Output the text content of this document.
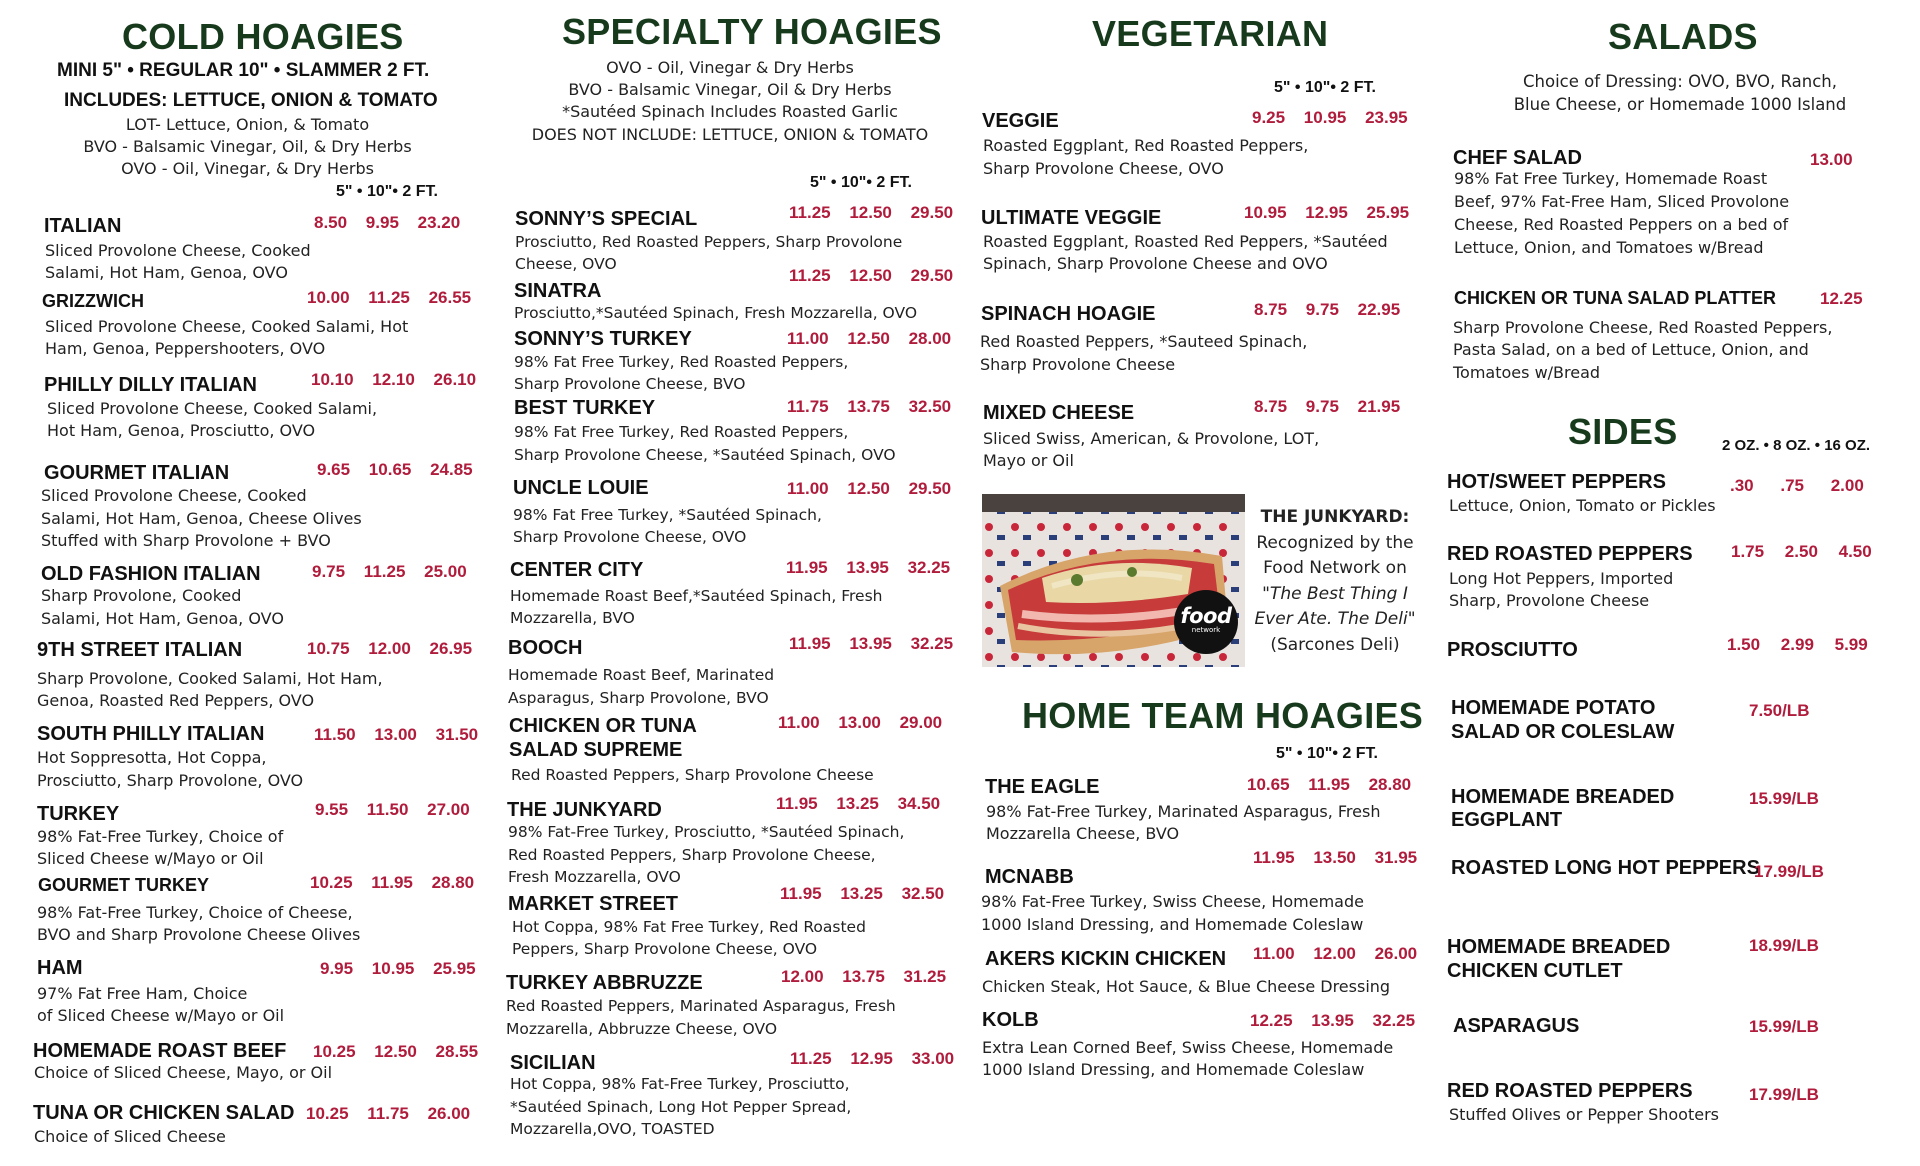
COLD HOAGIES
MINI 5" • REGULAR 10" • SLAMMER 2 FT.
INCLUDES: LETTUCE, ONION & TOMATO
LOT- Lettuce, Onion, & Tomato
BVO - Balsamic Vinegar, Oil, & Dry Herbs
OVO - Oil, Vinegar, & Dry Herbs
5" • 10"• 2 FT.
ITALIAN	8.50 9.95 23.20
Sliced Provolone Cheese, Cooked
Salami, Hot Ham, Genoa, OVO
GRIZZWICH	10.00 11.25 26.55
Sliced Provolone Cheese, Cooked Salami, Hot
Ham, Genoa, Peppershooters, OVO
PHILLY DILLY ITALIAN	10.10 12.10 26.10
Sliced Provolone Cheese, Cooked Salami,
Hot Ham, Genoa, Prosciutto, OVO
GOURMET ITALIAN	9.65 10.65 24.85
Sliced Provolone Cheese, Cooked
Salami, Hot Ham, Genoa, Cheese Olives
Stuffed with Sharp Provolone + BVO
OLD FASHION ITALIAN	9.75 11.25 25.00
Sharp Provolone, Cooked
Salami, Hot Ham, Genoa, OVO
9TH STREET ITALIAN	10.75 12.00 26.95
Sharp Provolone, Cooked Salami, Hot Ham,
Genoa, Roasted Red Peppers, OVO
SOUTH PHILLY ITALIAN	11.50 13.00 31.50
Hot Soppresotta, Hot Coppa,
Prosciutto, Sharp Provolone, OVO
TURKEY	9.55 11.50 27.00
98% Fat-Free Turkey, Choice of
Sliced Cheese w/Mayo or Oil
GOURMET TURKEY	10.25 11.95 28.80
98% Fat-Free Turkey, Choice of Cheese,
BVO and Sharp Provolone Cheese Olives
HAM	9.95 10.95 25.95
97% Fat Free Ham, Choice
of Sliced Cheese w/Mayo or Oil
HOMEMADE ROAST BEEF 10.25 12.50 28.55
Choice of Sliced Cheese, Mayo, or Oil
TUNA OR CHICKEN SALAD 10.25 11.75 26.00
Choice of Sliced Cheese
SPECIALTY HOAGIES
OVO - Oil, Vinegar & Dry Herbs
BVO - Balsamic Vinegar, Oil & Dry Herbs
*Sautéed Spinach Includes Roasted Garlic
DOES NOT INCLUDE: LETTUCE, ONION & TOMATO
5" • 10"• 2 FT.
SONNY’S SPECIAL	11.25 12.50 29.50
Prosciutto, Red Roasted Peppers, Sharp Provolone
Cheese, OVO
SINATRA
11.25 12.50 29.50
Prosciutto,*Sautéed Spinach, Fresh Mozzarella, OVO
SONNY’S TURKEY	11.00 12.50 28.00
98% Fat Free Turkey, Red Roasted Peppers,
Sharp Provolone Cheese, BVO
BEST TURKEY	11.75 13.75 32.50
98% Fat Free Turkey, Red Roasted Peppers,
Sharp Provolone Cheese, *Sautéed Spinach, OVO
UNCLE LOUIE	11.00 12.50 29.50
98% Fat Free Turkey, *Sautéed Spinach,
Sharp Provolone Cheese, OVO
CENTER CITY	11.95 13.95 32.25
Homemade Roast Beef,*Sautéed Spinach, Fresh
Mozzarella, BVO
BOOCH	11.95 13.95 32.25
Homemade Roast Beef, Marinated
Asparagus, Sharp Provolone, BVO
CHICKEN OR TUNA
SALAD SUPREME
11.00 13.00 29.00
Red Roasted Peppers, Sharp Provolone Cheese
THE JUNKYARD	11.95 13.25 34.50
98% Fat-Free Turkey, Prosciutto, *Sautéed Spinach,
Red Roasted Peppers, Sharp Provolone Cheese,
Fresh Mozzarella, OVO
MARKET STREET	11.95 13.25 32.50
Hot Coppa, 98% Fat Free Turkey, Red Roasted
Peppers, Sharp Provolone Cheese, OVO
TURKEY ABBRUZZE	12.00 13.75 31.25
Red Roasted Peppers, Marinated Asparagus, Fresh
Mozzarella, Abbruzze Cheese, OVO
SICILIAN	11.25 12.95 33.00
Hot Coppa, 98% Fat-Free Turkey, Prosciutto,
*Sautéed Spinach, Long Hot Pepper Spread,
Mozzarella,OVO, TOASTED
VEGETARIAN
5" • 10"• 2 FT.
VEGGIE	9.25 10.95 23.95
Roasted Eggplant, Red Roasted Peppers,
Sharp Provolone Cheese, OVO
ULTIMATE VEGGIE	10.95 12.95 25.95
Roasted Eggplant, Roasted Red Peppers, *Sautéed
Spinach, Sharp Provolone Cheese and OVO
SPINACH HOAGIE	8.75 9.75 22.95
Red Roasted Peppers, *Sauteed Spinach,
Sharp Provolone Cheese
MIXED CHEESE	8.75 9.75 21.95
Sliced Swiss, American, & Provolone, LOT,
Mayo or Oil
food
network
THE JUNKYARD:
Recognized by the
Food Network on
"The Best Thing I
Ever Ate. The Deli"
(Sarcones Deli)
HOME TEAM HOAGIES
5" • 10"• 2 FT.
THE EAGLE	10.65 11.95 28.80
98% Fat-Free Turkey, Marinated Asparagus, Fresh
Mozzarella Cheese, BVO
MCNABB
11.95 13.50 31.95
98% Fat-Free Turkey, Swiss Cheese, Homemade
1000 Island Dressing, and Homemade Coleslaw
AKERS KICKIN CHICKEN 11.00 12.00 26.00
Chicken Steak, Hot Sauce, & Blue Cheese Dressing
KOLB	12.25 13.95 32.25
Extra Lean Corned Beef, Swiss Cheese, Homemade
1000 Island Dressing, and Homemade Coleslaw
SALADS
Choice of Dressing: OVO, BVO, Ranch,
Blue Cheese, or Homemade 1000 Island
CHEF SALAD	13.00
98% Fat Free Turkey, Homemade Roast
Beef, 97% Fat-Free Ham, Sliced Provolone
Cheese, Red Roasted Peppers on a bed of
Lettuce, Onion, and Tomatoes w/Bread
CHICKEN OR TUNA SALAD PLATTER	12.25
Sharp Provolone Cheese, Red Roasted Peppers,
Pasta Salad, on a bed of Lettuce, Onion, and
Tomatoes w/Bread
SIDES	2 OZ. • 8 OZ. • 16 OZ.
HOT/SWEET PEPPERS	.30 .75 2.00
Lettuce, Onion, Tomato or Pickles
RED ROASTED PEPPERS 1.75 2.50 4.50
Long Hot Peppers, Imported
Sharp, Provolone Cheese
PROSCIUTTO	1.50 2.99 5.99
HOMEMADE POTATO
SALAD OR COLESLAW
7.50/LB
HOMEMADE BREADED
EGGPLANT
15.99/LB
ROASTED LONG HOT PEPPERS
17.99/LB
HOMEMADE BREADED
CHICKEN CUTLET
18.99/LB
ASPARAGUS	15.99/LB
RED ROASTED PEPPERS	17.99/LB
Stuffed Olives or Pepper Shooters
